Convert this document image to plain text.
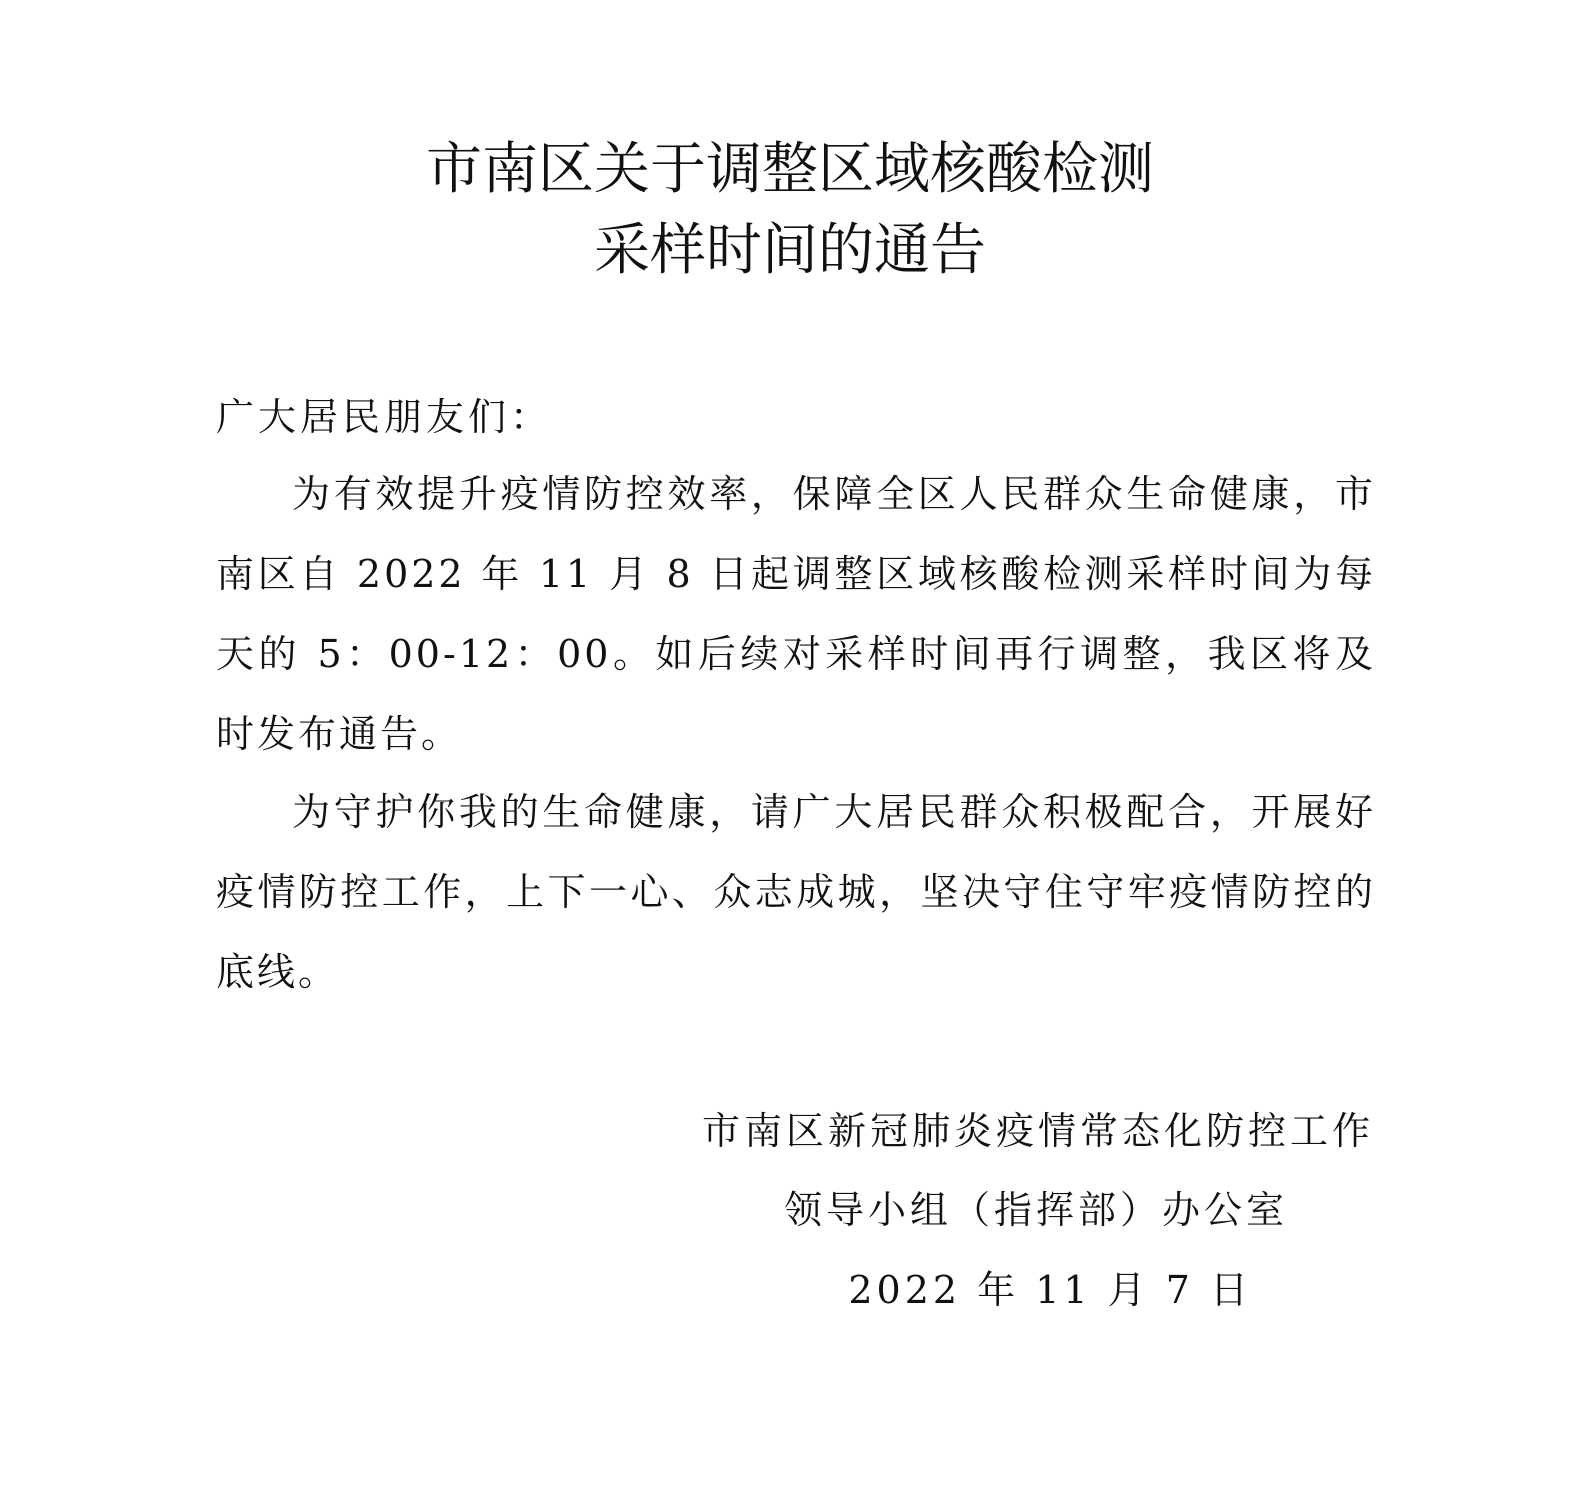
市南区关于调整区域核酸检测
采样时间的通告

广大居民朋友们：

为有效提升疫情防控效率，保障全区人民群众生命健康，市南区自 2022 年 11 月 8 日起调整区域核酸检测采样时间为每天的 5：00-12：00。如后续对采样时间再行调整，我区将及时发布通告。

为守护你我的生命健康，请广大居民群众积极配合，开展好疫情防控工作，上下一心、众志成城，坚决守住守牢疫情防控的底线。

市南区新冠肺炎疫情常态化防控工作

领导小组（指挥部）办公室

2022 年 11 月 7 日
